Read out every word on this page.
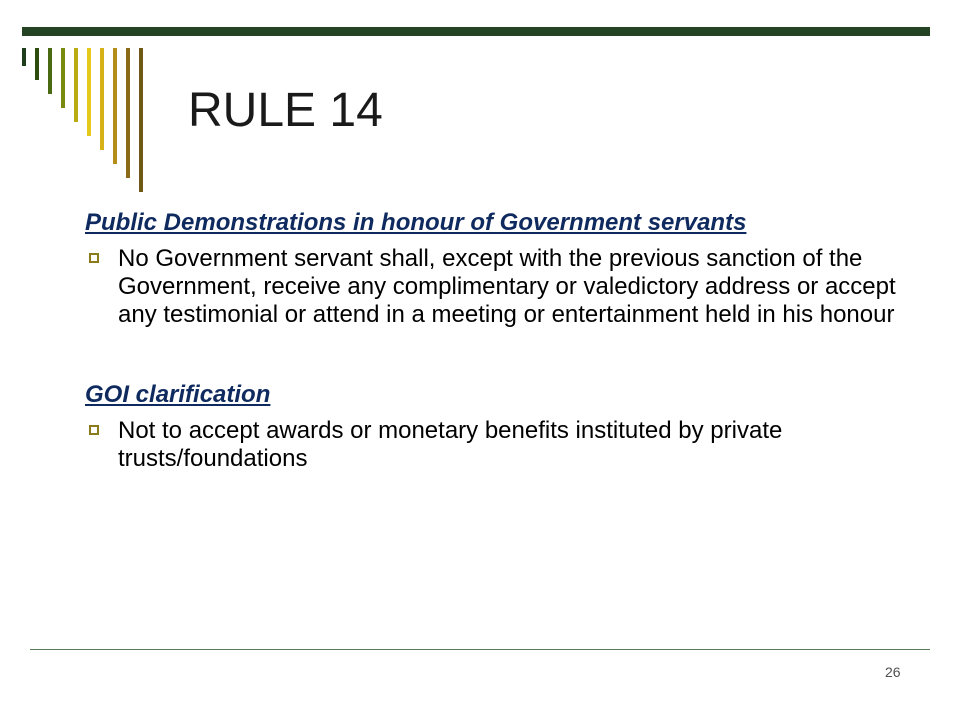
RULE 14

Public Demonstrations in honour of Government servants

No Government servant shall, except with the previous sanction of the Government, receive any complimentary or valedictory address or accept any testimonial or attend in a meeting or entertainment held in his honour

GOI clarification

Not to accept awards or monetary benefits instituted by private trusts/foundations
26
